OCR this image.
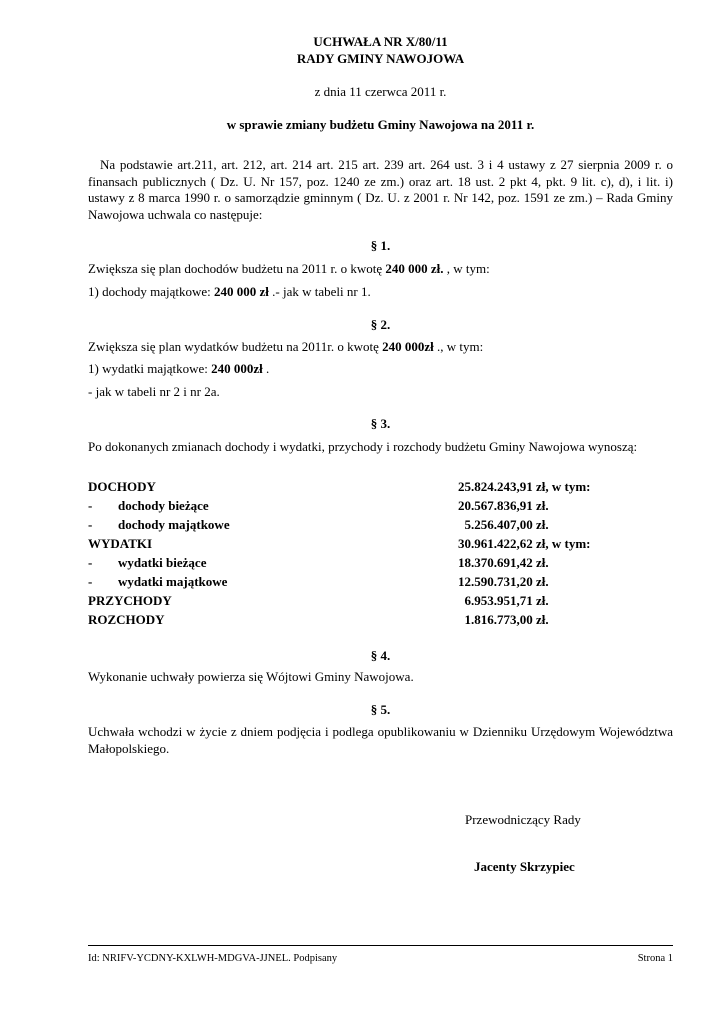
UCHWAŁA NR X/80/11
RADY GMINY NAWOJOWA
z dnia 11 czerwca 2011 r.
w sprawie zmiany budżetu Gminy Nawojowa na 2011 r.

Na podstawie art.211, art. 212, art. 214 art. 215 art. 239 art. 264 ust. 3 i 4 ustawy z 27 sierpnia 2009 r. o finansach publicznych ( Dz. U. Nr 157, poz. 1240 ze zm.) oraz art. 18 ust. 2 pkt 4, pkt. 9 lit. c), d), i lit. i) ustawy z 8 marca 1990 r. o samorządzie gminnym ( Dz. U. z 2001 r. Nr 142, poz. 1591 ze zm.) – Rada Gminy Nawojowa uchwala co następuje:

§ 1.
Zwiększa się plan dochodów budżetu na 2011 r. o kwotę 240 000 zł. , w tym:
1) dochody majątkowe: 240 000 zł .- jak w tabeli nr 1.
§ 2.
Zwiększa się plan wydatków budżetu na 2011r. o kwotę 240 000zł ., w tym:
1) wydatki majątkowe: 240 000zł .
- jak w tabeli nr 2 i nr 2a.
§ 3.
Po dokonanych zmianach dochody i wydatki, przychody i rozchody budżetu Gminy Nawojowa wynoszą:
DOCHODY	25.824.243,91 zł, w tym:
- dochody bieżące	20.567.836,91 zł.
- dochody majątkowe	5.256.407,00 zł.
WYDATKI	30.961.422,62 zł, w tym:
- wydatki bieżące	18.370.691,42 zł.
- wydatki majątkowe	12.590.731,20 zł.
PRZYCHODY	6.953.951,71 zł.
ROZCHODY	1.816.773,00 zł.
§ 4.
Wykonanie uchwały powierza się Wójtowi Gminy Nawojowa.
§ 5.

Uchwała wchodzi w życie z dniem podjęcia i podlega opublikowaniu w Dzienniku Urzędowym Województwa Małopolskiego.

Przewodniczący Rady
Jacenty Skrzypiec
Id: NRIFV-YCDNY-KXLWH-MDGVA-JJNEL. Podpisany	Strona 1
